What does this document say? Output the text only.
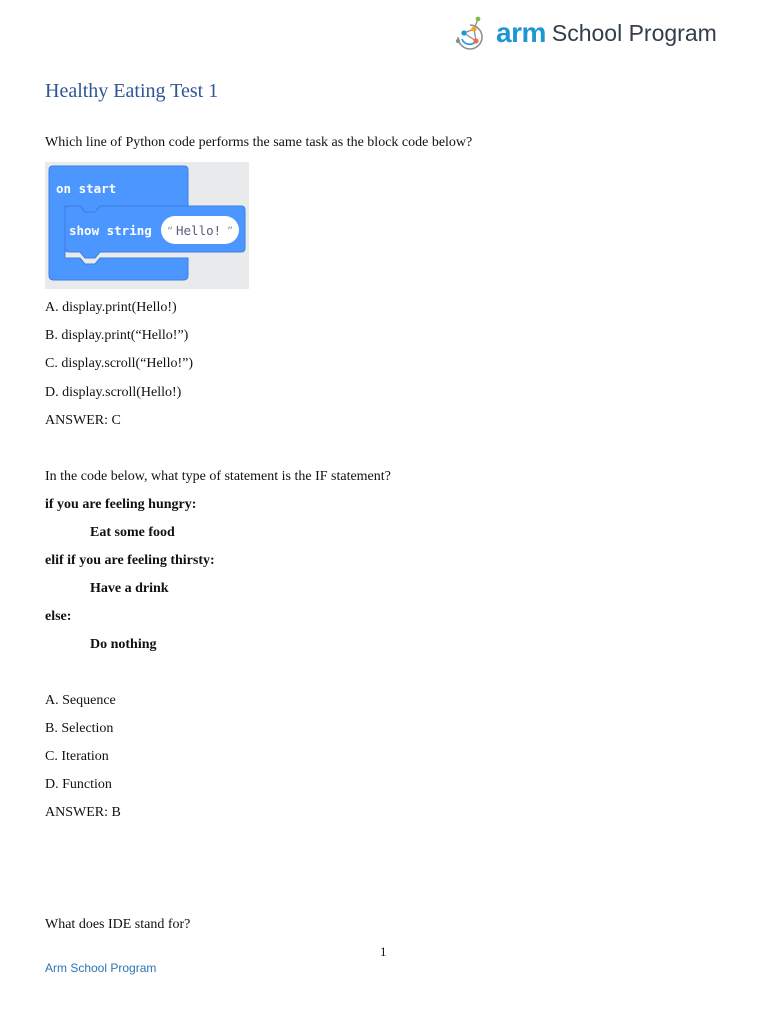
arm School Program
Healthy Eating Test 1
Which line of Python code performs the same task as the block code below?
on start
show string “ Hello! ”
A. display.print(Hello!)
B. display.print(“Hello!”)
C. display.scroll(“Hello!”)
D. display.scroll(Hello!)
ANSWER: C
In the code below, what type of statement is the IF statement?
if you are feeling hungry:
Eat some food
elif if you are feeling thirsty:
Have a drink
else:
Do nothing
A. Sequence
B. Selection
C. Iteration
D. Function
ANSWER: B
What does IDE stand for?
1
Arm School Program
